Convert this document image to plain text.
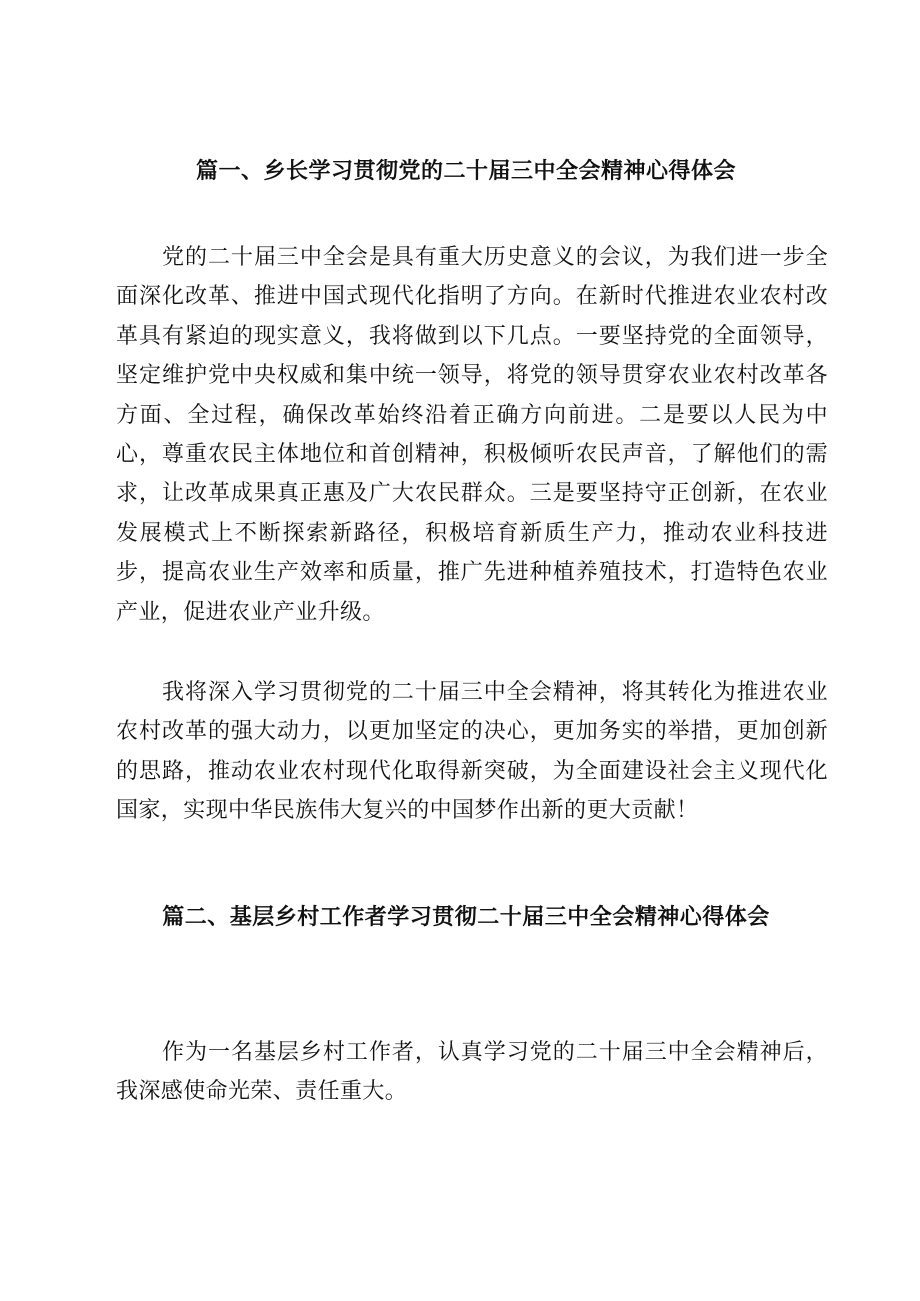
篇一、乡长学习贯彻党的二十届三中全会精神心得体会

党的二十届三中全会是具有重大历史意义的会议，为我们进一步全面深化改革、推进中国式现代化指明了方向。在新时代推进农业农村改革具有紧迫的现实意义，我将做到以下几点。一要坚持党的全面领导，坚定维护党中央权威和集中统一领导，将党的领导贯穿农业农村改革各方面、全过程，确保改革始终沿着正确方向前进。二是要以人民为中心，尊重农民主体地位和首创精神，积极倾听农民声音，了解他们的需求，让改革成果真正惠及广大农民群众。三是要坚持守正创新，在农业发展模式上不断探索新路径，积极培育新质生产力，推动农业科技进步，提高农业生产效率和质量，推广先进种植养殖技术，打造特色农业产业，促进农业产业升级。

我将深入学习贯彻党的二十届三中全会精神，将其转化为推进农业农村改革的强大动力，以更加坚定的决心，更加务实的举措，更加创新的思路，推动农业农村现代化取得新突破，为全面建设社会主义现代化国家，实现中华民族伟大复兴的中国梦作出新的更大贡献！

篇二、基层乡村工作者学习贯彻二十届三中全会精神心得体会

作为一名基层乡村工作者，认真学习党的二十届三中全会精神后，我深感使命光荣、责任重大。
